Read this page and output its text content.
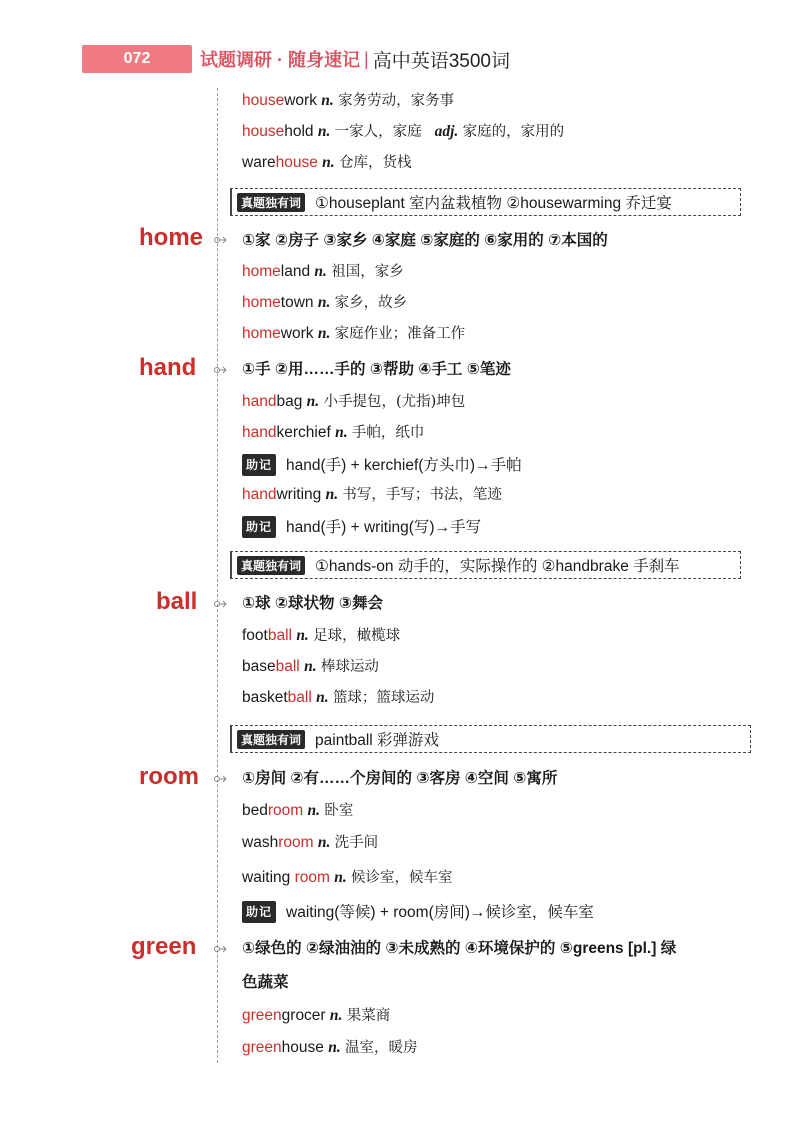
072	试题调研 · 随身速记 | 高中英语3500词
housework n. 家务劳动，家务事
household n. 一家人，家庭 adj. 家庭的，家用的
warehouse n. 仓库，货栈
真题独有词 ①houseplant 室内盆栽植物 ②housewarming 乔迁宴
home	①家 ②房子 ③家乡 ④家庭 ⑤家庭的 ⑥家用的 ⑦本国的
homeland n. 祖国，家乡
hometown n. 家乡，故乡
homework n. 家庭作业；准备工作
hand	①手 ②用……手的 ③帮助 ④手工 ⑤笔迹
handbag n. 小手提包，(尤指)坤包
handkerchief n. 手帕，纸巾
助记 hand(手) + kerchief(方头巾)→手帕
handwriting n. 书写，手写；书法，笔迹
助记 hand(手) + writing(写)→手写
真题独有词 ①hands-on 动手的，实际操作的 ②handbrake 手刹车
ball	①球 ②球状物 ③舞会
football n. 足球，橄榄球
baseball n. 棒球运动
basketball n. 篮球；篮球运动
真题独有词 paintball 彩弹游戏
room	①房间 ②有……个房间的 ③客房 ④空间 ⑤寓所
bedroom n. 卧室
washroom n. 洗手间
waiting room n. 候诊室，候车室
助记 waiting(等候) + room(房间)→候诊室，候车室
green	①绿色的 ②绿油油的 ③未成熟的 ④环境保护的 ⑤greens [pl.] 绿
色蔬菜
greengrocer n. 果菜商
greenhouse n. 温室，暖房
